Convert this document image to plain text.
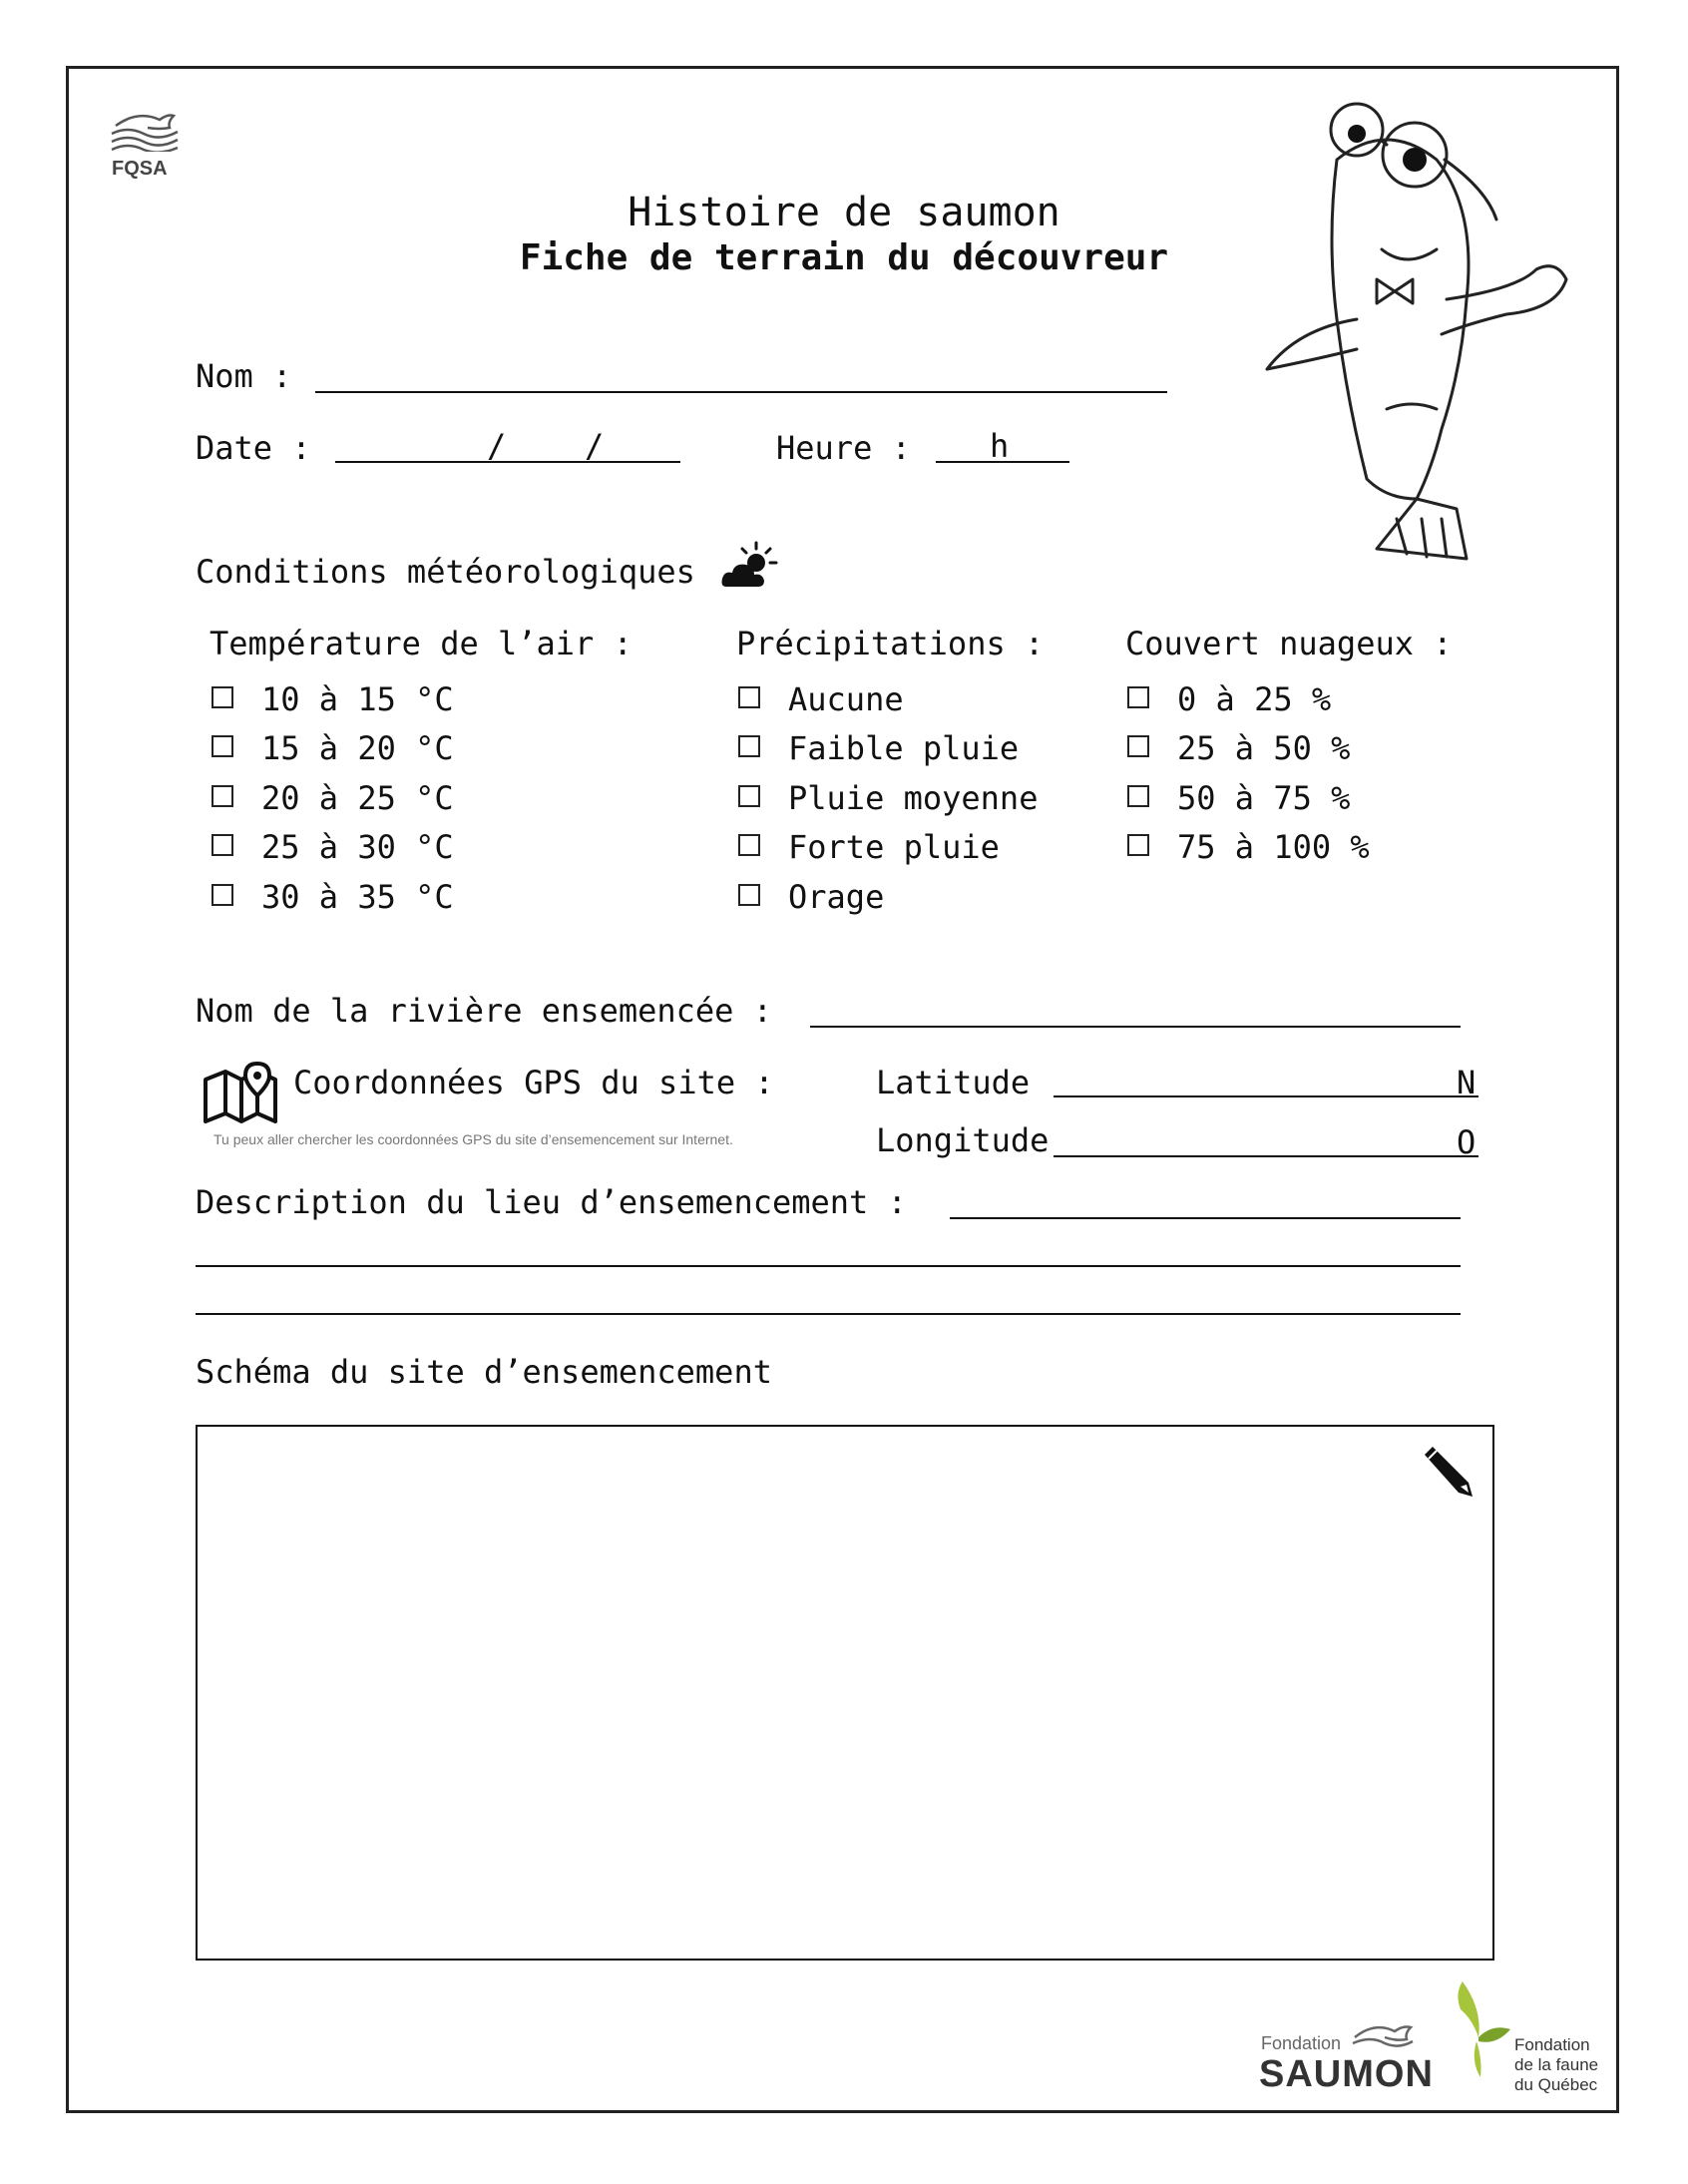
FQSA
Histoire de saumon
Fiche de terrain du découvreur
Nom :
Date :	/ /	Heure : h
Conditions météorologiques
Température de l’air :
10 à 15 °C
15 à 20 °C
20 à 25 °C
25 à 30 °C
30 à 35 °C
Précipitations :
Aucune
Faible pluie
Pluie moyenne
Forte pluie
Orage
Couvert nuageux :
0 à 25 %
25 à 50 %
50 à 75 %
75 à 100 %
Nom de la rivière ensemencée :
Coordonnées GPS du site :
Tu peux aller chercher les coordonnées GPS du site d’ensemencement sur Internet.
Latitude	N
Longitude	O
Description du lieu d’ensemencement :
Schéma du site d’ensemencement
Fondation
SAUMON
Fondation
de la faune
du Québec
